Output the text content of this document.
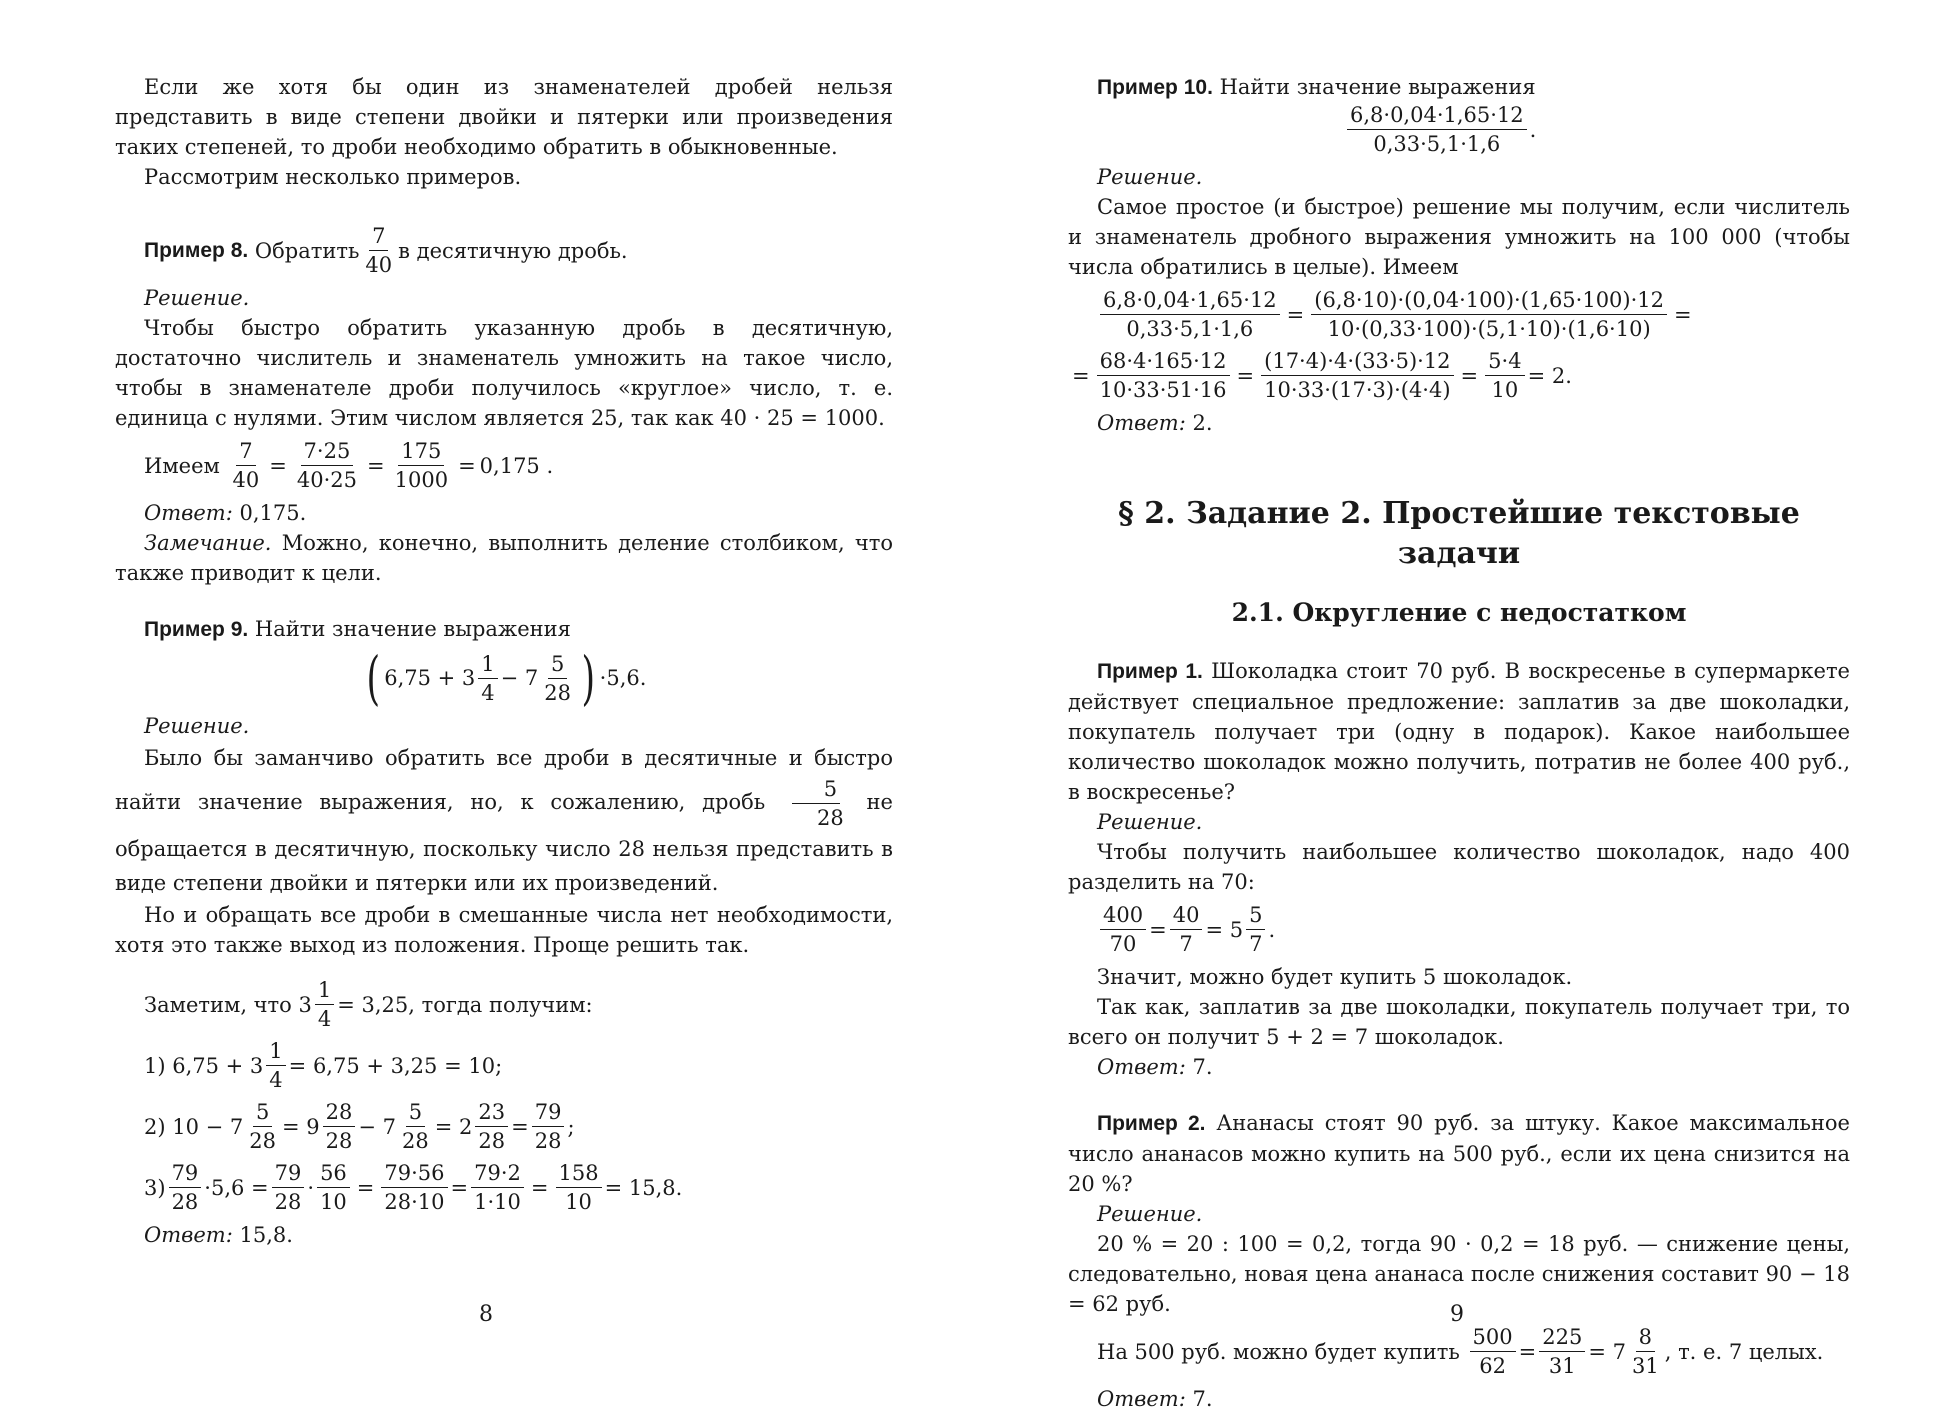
Если же хотя бы один из знаменателей дробей нельзя представить в виде степени двойки и пятерки или произведения таких степеней, то дроби необходимо обратить в обыкновенные.

Рассмотрим несколько примеров.

Пример 8.
Обратить $\frac{7}{40}$ в десятичную дробь.

Решение.

Чтобы быстро обратить указанную дробь в десятичную, достаточно числитель и знаменатель умножить на такое число, чтобы в знаменателе дроби получилось «круглое» число, т. е. единица с нулями. Этим числом является 25, так как 40 · 25 = 1000.

Имеем
$\frac{7}{40} = \frac{7\cdot 25}{40\cdot 25} = \frac{175}{1000} = 0,175$ .

Ответ: 0,175.

Замечание. Можно, конечно, выполнить деление столбиком, что также приводит к цели.

Пример 9. Найти значение выражения

( $6,75 + 3 \frac{1}{4} - 7 \frac{5}{28}$ ) ·5,6.

Решение.

Было бы заманчиво обратить все дроби в десятичные и быстро найти значение выражения, но, к сожалению, дробь $\frac{5}{28}$ не обращается в десятичную, поскольку число 28 нельзя представить в виде степени двойки и пятерки или их произведений.

Но и обращать все дроби в смешанные числа нет необходимости, хотя это также выход из положения. Проще решить так.

Заметим, что $3 \frac{1}{4} = 3,25$, тогда получим:
1) $6,75 + 3 \frac{1}{4} = 6,75 + 3,25 = 10$;
2) $10 - 7 \frac{5}{28} = 9 \frac{28}{28} - 7 \frac{5}{28} = 2 \frac{23}{28} = \frac{79}{28}$ ;
$3) \frac{79}{28} \cdot 5,6 = \frac{79}{28} \cdot \frac{56}{10} = \frac{79\cdot 56}{28\cdot 10} = \frac{79\cdot 2}{1\cdot 10} = \frac{158}{10} = 15,8$.

Ответ: 15,8.

8

Пример 10. Найти значение выражения

$\frac{6,8\cdot 0,04\cdot 1,65\cdot 12}{0,33\cdot 5,1\cdot 1,6}$ .

Решение.

Самое простое (и быстрое) решение мы получим, если числитель и знаменатель дробного выражения умножить на 100 000 (чтобы числа обратились в целые). Имеем

$\frac{6,8\cdot 0,04\cdot 1,65\cdot 12}{0,33\cdot 5,1\cdot 1,6} = \frac{(6,8\cdot 10)\cdot(0,04\cdot 100)\cdot(1,65\cdot 100)\cdot 12}{10\cdot(0,33\cdot 100)\cdot(5,1\cdot 10)\cdot(1,6\cdot 10)}$ =
= $\frac{68\cdot 4\cdot 165\cdot 12}{10\cdot 33\cdot 51\cdot 16} = \frac{(17\cdot 4)\cdot 4\cdot(33\cdot 5)\cdot 12}{10\cdot 33\cdot(17\cdot 3)\cdot(4\cdot 4)} = \frac{5\cdot 4}{10} = 2$.

Ответ: 2.

§ 2. Задание 2. Простейшие текстовые задачи
2.1. Округление с недостатком

Пример 1. Шоколадка стоит 70 руб. В воскресенье в супермаркете действует специальное предложение: заплатив за две шоколадки, покупатель получает три (одну в подарок). Какое наибольшее количество шоколадок можно получить, потратив не более 400 руб., в воскресенье?

Решение.

Чтобы получить наибольшее количество шоколадок, надо 400 разделить на 70:

$\frac{400}{70} = \frac{40}{7} = 5 \frac{5}{7}$ .

Значит, можно будет купить 5 шоколадок.

Так как, заплатив за две шоколадки, покупатель получает три, то всего он получит 5 + 2 = 7 шоколадок.

Ответ: 7.

Пример 2. Ананасы стоят 90 руб. за штуку. Какое максимальное число ананасов можно купить на 500 руб., если их цена снизится на 20 %?

Решение.

20 % = 20 : 100 = 0,2, тогда 90 · 0,2 = 18 руб. — снижение цены, следовательно, новая цена ананаса после снижения составит 90 − 18 = 62 руб.

На 500 руб. можно будет купить
$\frac{500}{62} = \frac{225}{31} = 7 \frac{8}{31}$ , т. е. 7 целых.

Ответ: 7.

9
